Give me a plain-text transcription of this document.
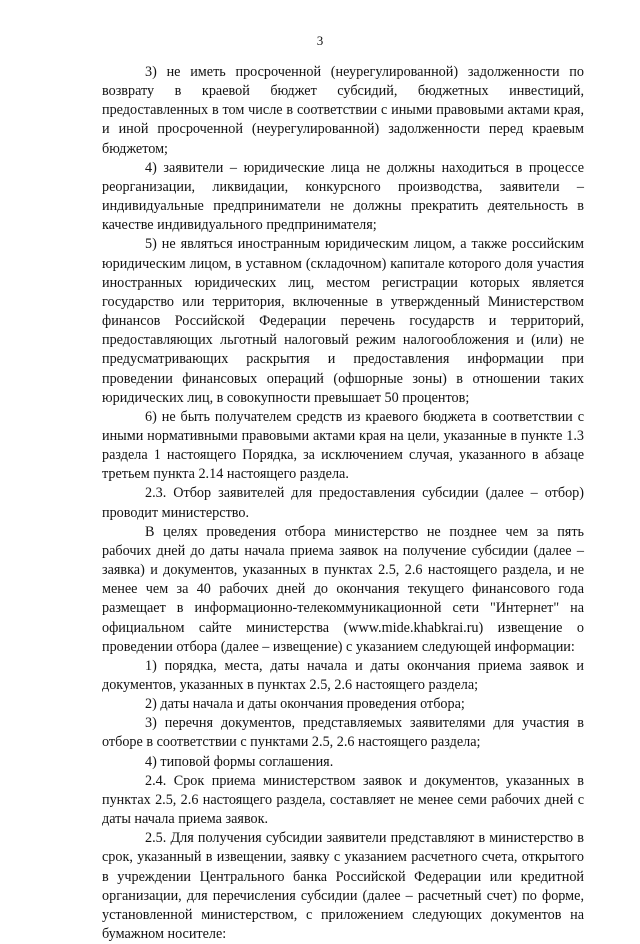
3

3) не иметь просроченной (неурегулированной) задолженности по возврату в краевой бюджет субсидий, бюджетных инвестиций, предоставленных в том числе в соответствии с иными правовыми актами края, и иной просроченной (неурегулированной) задолженности перед краевым бюджетом;

4) заявители – юридические лица не должны находиться в процессе реорганизации, ликвидации, конкурсного производства, заявители – индивидуальные предприниматели не должны прекратить деятельность в качестве индивидуального предпринимателя;

5) не являться иностранным юридическим лицом, а также российским юридическим лицом, в уставном (складочном) капитале которого доля участия иностранных юридических лиц, местом регистрации которых является государство или территория, включенные в утвержденный Министерством финансов Российской Федерации перечень государств и территорий, предоставляющих льготный налоговый режим налогообложения и (или) не предусматривающих раскрытия и предоставления информации при проведении финансовых операций (офшорные зоны) в отношении таких юридических лиц, в совокупности превышает 50 процентов;

6) не быть получателем средств из краевого бюджета в соответствии с иными нормативными правовыми актами края на цели, указанные в пункте 1.3 раздела 1 настоящего Порядка, за исключением случая, указанного в абзаце третьем пункта 2.14 настоящего раздела.

2.3. Отбор заявителей для предоставления субсидии (далее – отбор) проводит министерство.

В целях проведения отбора министерство не позднее чем за пять рабочих дней до даты начала приема заявок на получение субсидии (далее – заявка) и документов, указанных в пунктах 2.5, 2.6 настоящего раздела, и не менее чем за 40 рабочих дней до окончания текущего финансового года размещает в информационно-телекоммуникационной сети "Интернет" на официальном сайте министерства (www.mide.khabkrai.ru) извещение о проведении отбора (далее – извещение) с указанием следующей информации:

1) порядка, места, даты начала и даты окончания приема заявок и документов, указанных в пунктах 2.5, 2.6 настоящего раздела;

2) даты начала и даты окончания проведения отбора;

3) перечня документов, представляемых заявителями для участия в отборе в соответствии с пунктами 2.5, 2.6 настоящего раздела;

4) типовой формы соглашения.

2.4. Срок приема министерством заявок и документов, указанных в пунктах 2.5, 2.6 настоящего раздела, составляет не менее семи рабочих дней с даты начала приема заявок.

2.5. Для получения субсидии заявители представляют в министерство в срок, указанный в извещении, заявку с указанием расчетного счета, открытого в учреждении Центрального банка Российской Федерации или кредитной организации, для перечисления субсидии (далее – расчетный счет) по форме, установленной министерством, с приложением следующих документов на бумажном носителе:
